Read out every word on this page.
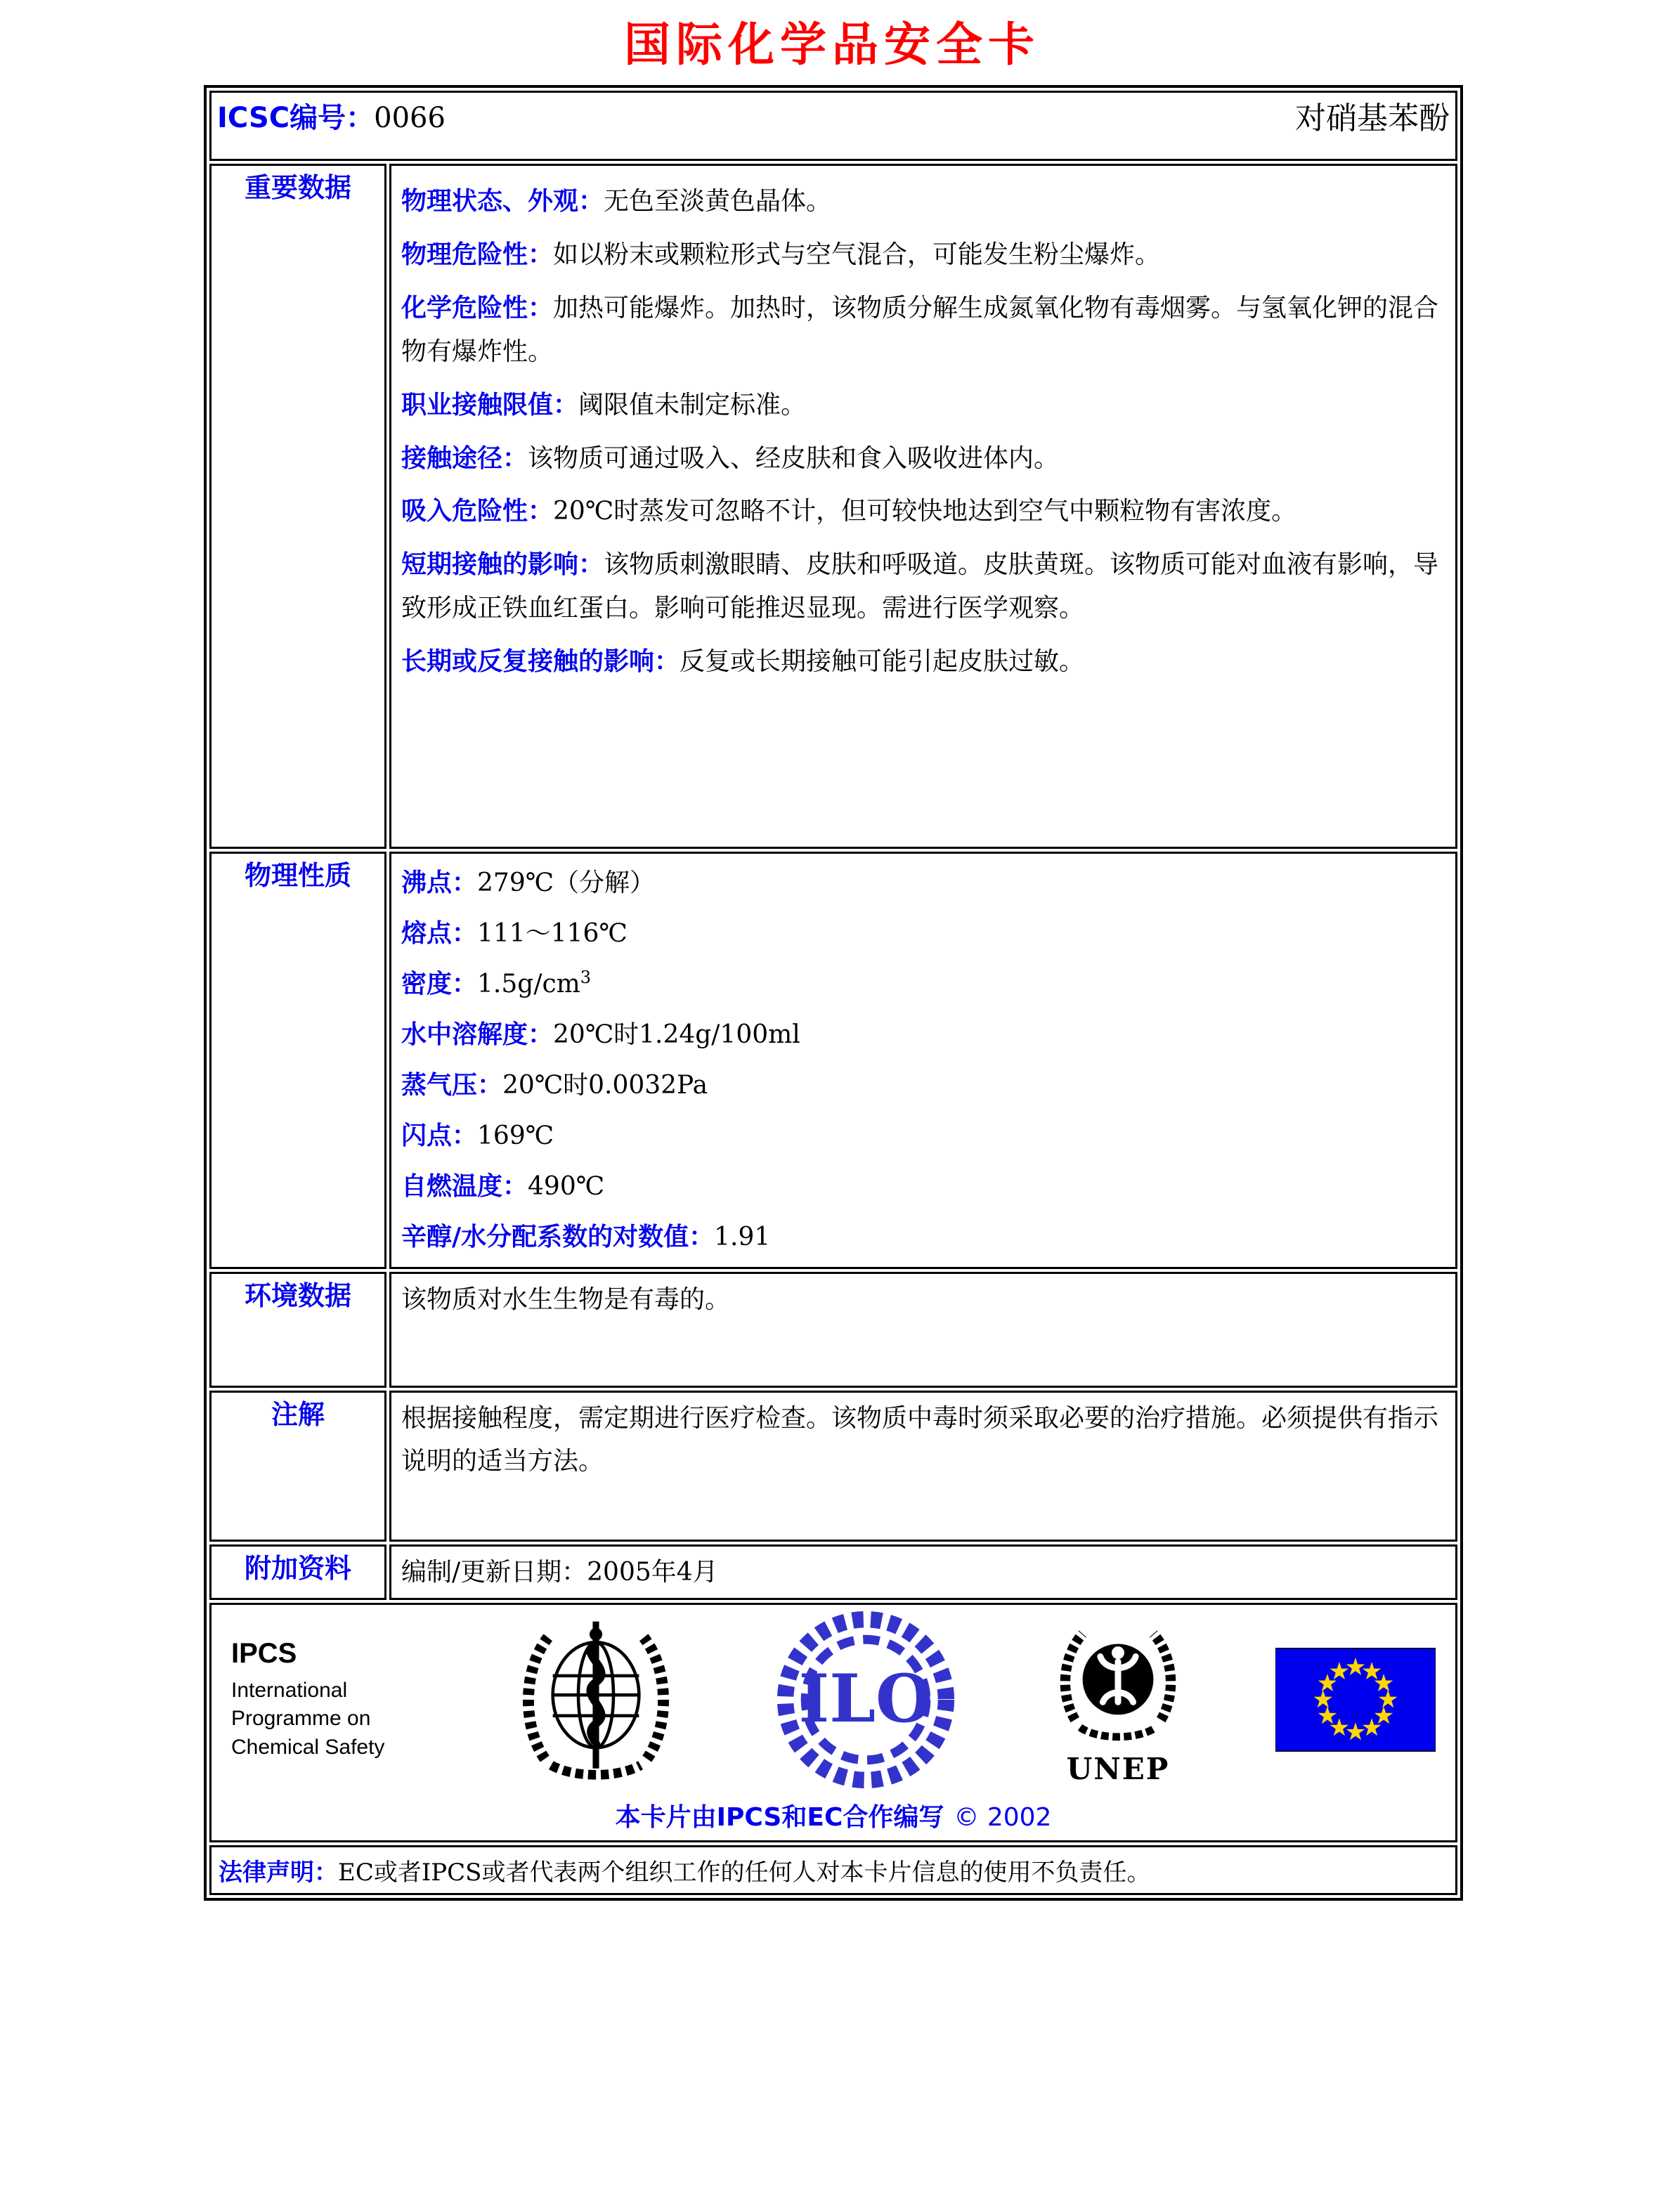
国际化学品安全卡
ICSC编号：0066 对硝基苯酚	

重要数据	物理状态、外观：无色至淡黄色晶体。

物理危险性：如以粉末或颗粒形式与空气混合，可能发生粉尘爆炸。

化学危险性：加热可能爆炸。加热时，该物质分解生成氮氧化物有毒烟雾。与氢氧化钾的混合物有爆炸性。

职业接触限值：阈限值未制定标准。

接触途径：该物质可通过吸入、经皮肤和食入吸收进体内。

吸入危险性：20℃时蒸发可忽略不计，但可较快地达到空气中颗粒物有害浓度。

短期接触的影响：该物质刺激眼睛、皮肤和呼吸道。皮肤黄斑。该物质可能对血液有影响，导致形成正铁血红蛋白。影响可能推迟显现。需进行医学观察。

长期或反复接触的影响：反复或长期接触可能引起皮肤过敏。

物理性质	沸点：279℃（分解）

熔点：111～116℃

密度：$1.5g/cm^3$

水中溶解度：20℃时1.24g/100ml

蒸气压：20℃时0.0032Pa

闪点：169℃

自燃温度：490℃

辛醇/水分配系数的对数值：1.91

环境数据	该物质对水生生物是有毒的。
注解	根据接触程度，需定期进行医疗检查。该物质中毒时须采取必要的治疗措施。必须提供有指示说明的适当方法。
附加资料	编制/更新日期：2005年4月

IPCS
International
Programme on
Chemical Safety
ILO
UNEP
本卡片由IPCS和EC合作编写 © 2002

法律声明：EC或者IPCS或者代表两个组织工作的任何人对本卡片信息的使用不负责任。	
